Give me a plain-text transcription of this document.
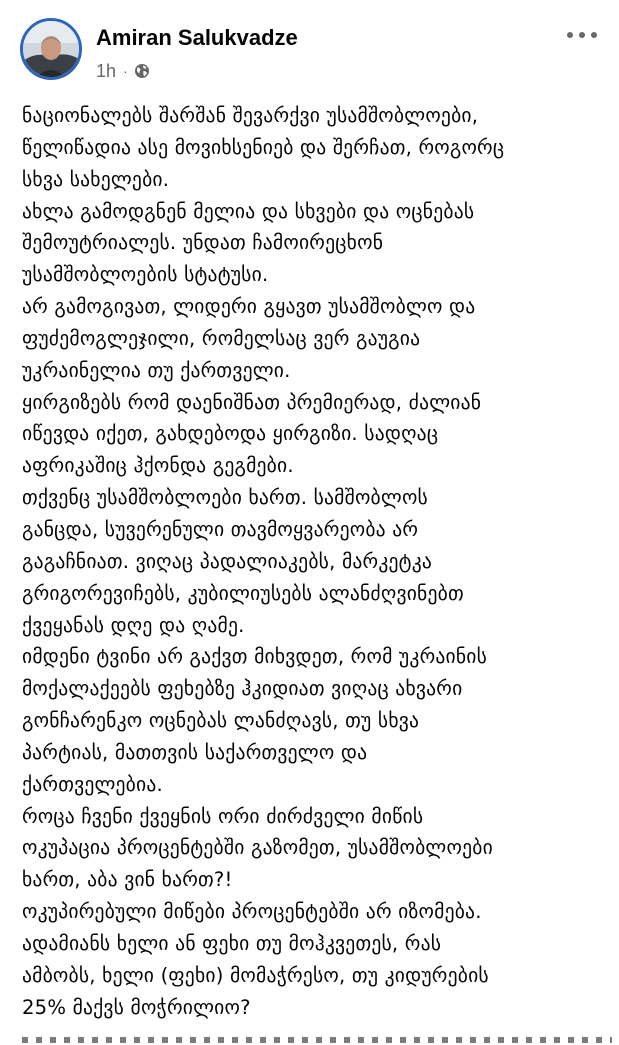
Amiran Salukvadze
1h ·

ნაციონალებს შარშან შევარქვი უსამშობლოები,

წელიწადია ასე მოვიხსენიებ და შერჩათ, როგორც

სხვა სახელები.

ახლა გამოდგნენ მელია და სხვები და ოცნებას

შემოუტრიალეს. უნდათ ჩამოირეცხონ

უსამშობლოების სტატუსი.

არ გამოგივათ, ლიდერი გყავთ უსამშობლო და

ფუძემოგლეჯილი, რომელსაც ვერ გაუგია

უკრაინელია თუ ქართველი.

ყირგიზებს რომ დაენიშნათ პრემიერად, ძალიან

იწევდა იქეთ, გახდებოდა ყირგიზი. სადღაც

აფრიკაშიც ჰქონდა გეგმები.

თქვენც უსამშობლოები ხართ. სამშობლოს

განცდა, სუვერენული თავმოყვარეობა არ

გაგაჩნიათ. ვიღაც პადალიაკებს, მარკეტკა

გრიგორევიჩებს, კუბილიუსებს ალანძღვინებთ

ქვეყანას დღე და ღამე.

იმდენი ტვინი არ გაქვთ მიხვდეთ, რომ უკრაინის

მოქალაქეებს ფეხებზე ჰკიდიათ ვიღაც ახვარი

გონჩარენკო ოცნებას ლანძღავს, თუ სხვა

პარტიას, მათთვის საქართველო და

ქართველებია.

როცა ჩვენი ქვეყნის ორი ძირძველი მიწის

ოკუპაცია პროცენტებში გაზომეთ, უსამშობლოები

ხართ, აბა ვინ ხართ?!

ოკუპირებული მიწები პროცენტებში არ იზომება.

ადამიანს ხელი ან ფეხი თუ მოჰკვეთეს, რას

ამბობს, ხელი (ფეხი) მომაჭრესო, თუ კიდურების

25% მაქვს მოჭრილიო?
